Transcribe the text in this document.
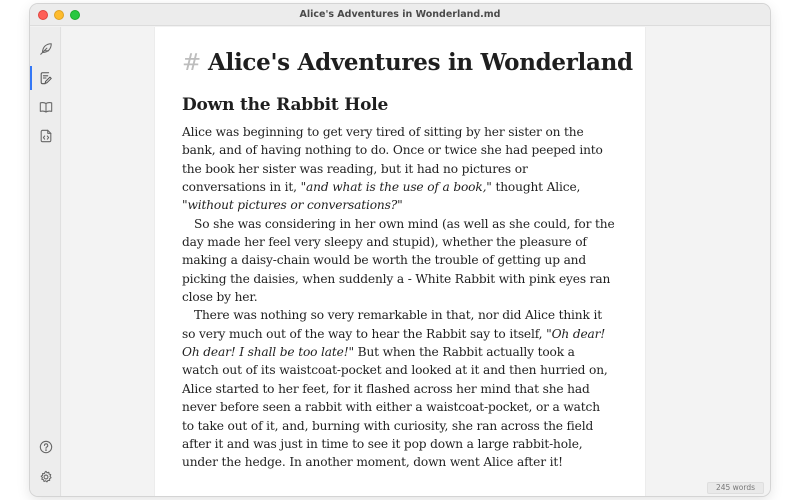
Alice's Adventures in Wonderland.md
# Alice's Adventures in Wonderland
Down the Rabbit Hole
Alice was beginning to get very tired of sitting by her sister on the bank, and of having nothing to do. Once or twice she had peeped into the book her sister was reading, but it had no pictures or conversations in it, "and what is the use of a book," thought Alice, "without pictures or conversations?"
So she was considering in her own mind (as well as she could, for the day made her feel very sleepy and stupid), whether the pleasure of making a daisy-chain would be worth the trouble of getting up and picking the daisies, when suddenly a - White Rabbit with pink eyes ran close by her.
There was nothing so very remarkable in that, nor did Alice think it so very much out of the way to hear the Rabbit say to itself, "Oh dear! Oh dear! I shall be too late!" But when the Rabbit actually took a watch out of its waistcoat-pocket and looked at it and then hurried on, Alice started to her feet, for it flashed across her mind that she had never before seen a rabbit with either a waistcoat-pocket, or a watch to take out of it, and, burning with curiosity, she ran across the field after it and was just in time to see it pop down a large rabbit-hole, under the hedge. In another moment, down went Alice after it!
245 words
